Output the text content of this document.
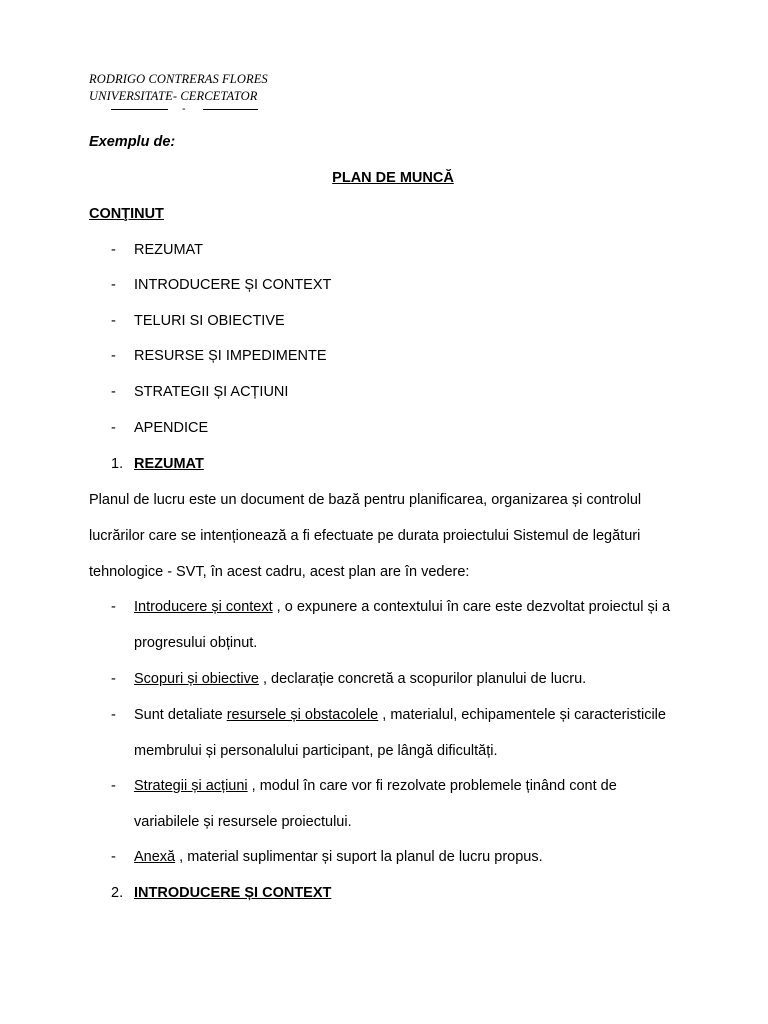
RODRIGO CONTRERAS FLORES
UNIVERSITATE- CERCETATOR
-
Exemplu de:
PLAN DE MUNCĂ
CONŢINUT
- REZUMAT
- INTRODUCERE ȘI CONTEXT
- TELURI SI OBIECTIVE
- RESURSE ȘI IMPEDIMENTE
- STRATEGII ȘI ACȚIUNI
- APENDICE
1. REZUMAT
Planul de lucru este un document de bază pentru planificarea, organizarea și controlul
lucrărilor care se intenționează a fi efectuate pe durata proiectului Sistemul de legături
tehnologice - SVT, în acest cadru, acest plan are în vedere:
- Introducere și context , o expunere a contextului în care este dezvoltat proiectul și a
progresului obținut.
- Scopuri și obiective , declarație concretă a scopurilor planului de lucru.
- Sunt detaliate resursele și obstacolele , materialul, echipamentele și caracteristicile
membrului și personalului participant, pe lângă dificultăți.
- Strategii și acțiuni , modul în care vor fi rezolvate problemele ținând cont de
variabilele și resursele proiectului.
- Anexă , material suplimentar și suport la planul de lucru propus.
2. INTRODUCERE ȘI CONTEXT
